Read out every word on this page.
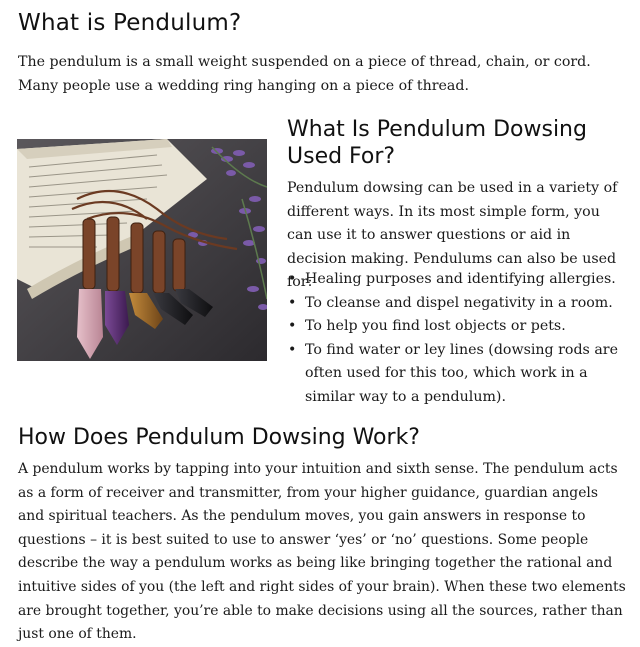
What is Pendulum?

The pendulum is a small weight suspended on a piece of thread, chain, or cord. Many people use a wedding ring hanging on a piece of thread.

What Is Pendulum Dowsing Used For?

Pendulum dowsing can be used in a variety of different ways. In its most simple form, you can use it to answer questions or aid in decision making. Pendulums can also be used for:

• Healing purposes and identifying allergies.
• To cleanse and dispel negativity in a room.
• To help you find lost objects or pets.
• To find water or ley lines (dowsing rods are often used for this too, which work in a similar way to a pendulum).
How Does Pendulum Dowsing Work?

A pendulum works by tapping into your intuition and sixth sense. The pendulum acts as a form of receiver and transmitter, from your higher guidance, guardian angels and spiritual teachers. As the pendulum moves, you gain answers in response to questions – it is best suited to use to answer ‘yes’ or ‘no’ questions. Some people describe the way a pendulum works as being like bringing together the rational and intuitive sides of you (the left and right sides of your brain). When these two elements are brought together, you’re able to make decisions using all the sources, rather than just one of them.
